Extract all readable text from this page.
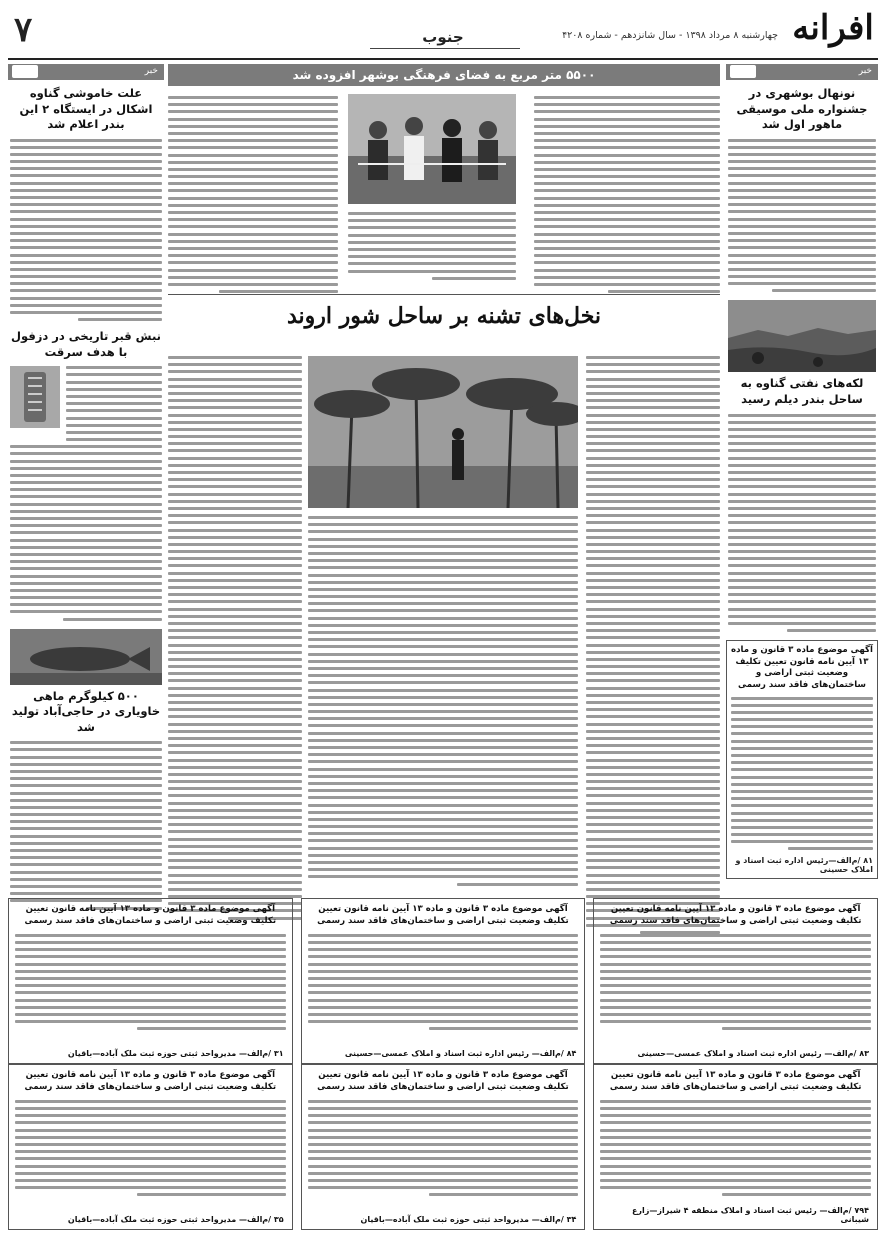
افرانه
چهارشنبه ۸ مرداد ۱۳۹۸ - سال شانزدهم - شماره ۴۲۰۸
جنوب
۷
خبر
نونهال بوشهری در جشنواره ملی موسیقی ماهور اول شد
لکه‌های نفتی گناوه به ساحل بندر دیلم رسید
آگهی موضوع ماده ۳ قانون و ماده ۱۳ آیین نامه قانون تعیین تکلیف وضعیت ثبتی اراضی و ساختمان‌های فاقد سند رسمی
۸۱ /م‌الف—رئیس اداره ثبت اسناد و املاک حسینی
خبر
علت خاموشی گناوه اشکال در ایستگاه ۲ این بندر اعلام شد
نبش قبر تاریخی در دزفول با هدف سرقت
۵۰۰ کیلوگرم ماهی خاویاری در حاجی‌آباد تولید شد
۵۵۰۰ متر مربع به فضای فرهنگی بوشهر افزوده شد
نخل‌های تشنه بر ساحل شور اروند
آگهی موضوع ماده ۳ قانون و ماده ۱۳ آیین نامه قانون تعیین تکلیف وضعیت ثبتی اراضی و ساختمان‌های فاقد سند رسمی
۸۳ /م‌الف— رئیس اداره ثبت اسناد و املاک عمسی—حسینی
آگهی موضوع ماده ۳ قانون و ماده ۱۳ آیین نامه قانون تعیین تکلیف وضعیت ثبتی اراضی و ساختمان‌های فاقد سند رسمی
۸۴ /م‌الف— رئیس اداره ثبت اسناد و املاک عمسی—حسینی
آگهی موضوع ماده ۳ قانون و ماده ۱۳ آیین نامه قانون تعیین تکلیف وضعیت ثبتی اراضی و ساختمان‌های فاقد سند رسمی
۳۱ /م‌الف— مدیرواحد ثبتی حوزه ثبت ملک آباده—باقیان
آگهی موضوع ماده ۳ قانون و ماده ۱۳ آیین نامه قانون تعیین تکلیف وضعیت ثبتی اراضی و ساختمان‌های فاقد سند رسمی
۷۹۴ /م‌الف— رئیس ثبت اسناد و املاک منطقه ۴ شیراز—زارع شیبانی
آگهی موضوع ماده ۳ قانون و ماده ۱۳ آیین نامه قانون تعیین تکلیف وضعیت ثبتی اراضی و ساختمان‌های فاقد سند رسمی
۳۴ /م‌الف— مدیرواحد ثبتی حوزه ثبت ملک آباده—باقیان
آگهی موضوع ماده ۳ قانون و ماده ۱۳ آیین نامه قانون تعیین تکلیف وضعیت ثبتی اراضی و ساختمان‌های فاقد سند رسمی
۳۵ /م‌الف— مدیرواحد ثبتی حوزه ثبت ملک آباده—باقیان
